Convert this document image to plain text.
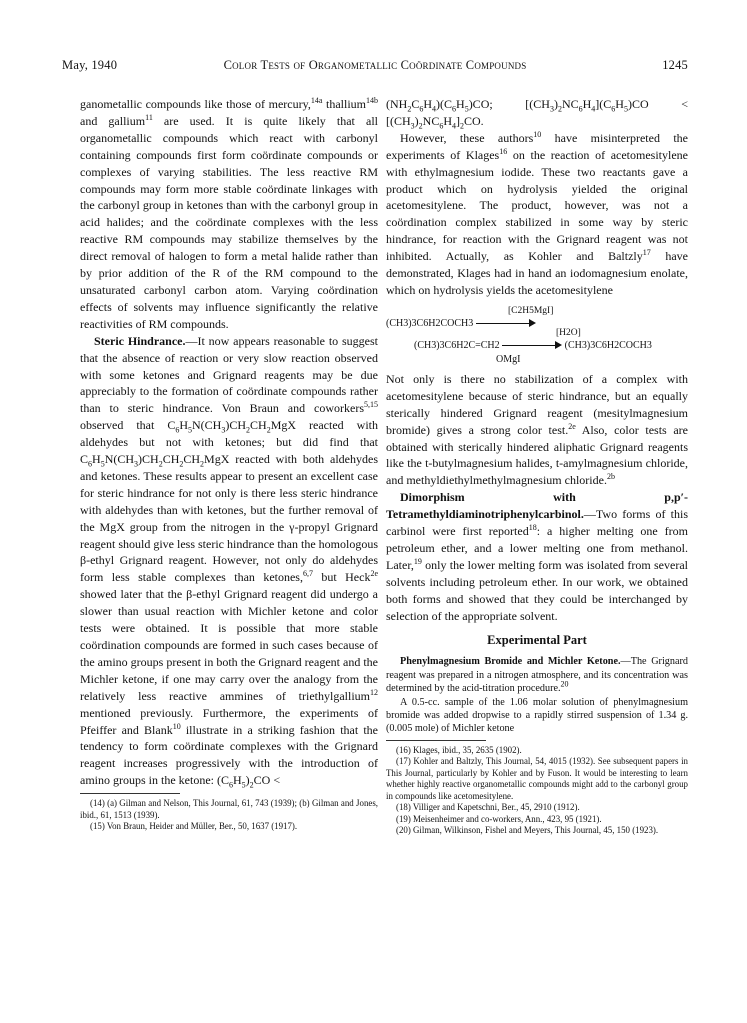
May, 1940	Color Tests of Organometallic Coördinate Compounds	1245

ganometallic compounds like those of mercury,$^{14a}$ thallium$^{14b}$ and gallium$^{11}$ are used. It is quite likely that all organometallic compounds which react with carbonyl containing compounds first form coördinate compounds or complexes of varying stabilities. The less reactive RM compounds may form more stable coördinate linkages with the carbonyl group in ketones than with the carbonyl group in acid halides; and the coördinate complexes with the less reactive RM compounds may stabilize themselves by the direct removal of halogen to form a metal halide rather than by prior addition of the R of the RM compound to the unsaturated carbonyl carbon atom. Varying coördination effects of solvents may influence significantly the relative reactivities of RM compounds.

Steric Hindrance.—It now appears reasonable to suggest that the absence of reaction or very slow reaction observed with some ketones and Grignard reagents may be due appreciably to the formation of coördinate compounds rather than to steric hindrance. Von Braun and coworkers$^{5,15}$ observed that $C_6H_5N(CH_3)CH_2CH_2MgX$ reacted with aldehydes but not with ketones; but did find that $C_6H_5N(CH_3)CH_2CH_2CH_2MgX$ reacted with both aldehydes and ketones. These results appear to present an excellent case for steric hindrance for not only is there less steric hindrance with aldehydes than with ketones, but the further removal of the MgX group from the nitrogen in the γ-propyl Grignard reagent should give less steric hindrance than the homologous β-ethyl Grignard reagent. However, not only do aldehydes form less stable complexes than ketones,$^{6,7}$ but Heck$^{2e}$ showed later that the β-ethyl Grignard reagent did undergo a slower than usual reaction with Michler ketone and color tests were obtained. It is possible that more stable coördination compounds are formed in such cases because of the amino groups present in both the Grignard reagent and the Michler ketone, if one may carry over the analogy from the relatively less reactive ammines of triethylgallium$^{12}$ mentioned previously. Furthermore, the experiments of Pfeiffer and Blank$^{10}$ illustrate in a striking fashion that the tendency to form coördinate complexes with the Grignard reagent increases progressively with the introduction of amino groups in the ketone: $(C_6H_5)_2CO$ <

(14) (a) Gilman and Nelson, This Journal, 61, 743 (1939); (b) Gilman and Jones, ibid., 61, 1513 (1939).

(15) Von Braun, Heider and Müller, Ber., 50, 1637 (1917).

$(NH_2C_6H_4)(C_6H_5)CO$; $[(CH_3)_2NC_6H_4](C_6H_5)CO < [(CH_3)_2NC_6H_4]_2CO$.

However, these authors$^{10}$ have misinterpreted the experiments of Klages$^{16}$ on the reaction of acetomesitylene with ethylmagnesium iodide. These two reactants gave a product which on hydrolysis yielded the original acetomesitylene. The product, however, was not a coördination complex stabilized in some way by steric hindrance, for reaction with the Grignard reagent was not inhibited. Actually, as Kohler and Baltzly$^{17}$ have demonstrated, Klages had in hand an iodomagnesium enolate, which on hydrolysis yields the acetomesitylene

(CH3)3C6H2COCH3
[C2H5MgI]
(CH3)3C6H2C=CH2	(CH3)3C6H2COCH3
[H2O]
OMgI

Not only is there no stabilization of a complex with acetomesitylene because of steric hindrance, but an equally sterically hindered Grignard reagent (mesitylmagnesium bromide) gives a strong color test.$^{2e}$ Also, color tests are obtained with sterically hindered aliphatic Grignard reagents like the t-butylmagnesium halides, t-amylmagnesium chloride, and methyldiethylmethylmagnesium chloride.$^{2b}$

Dimorphism with p,p′-Tetramethyldiaminotriphenylcarbinol.—Two forms of this carbinol were first reported$^{18}$: a higher melting one from petroleum ether, and a lower melting one from methanol. Later,$^{19}$ only the lower melting form was isolated from several solvents including petroleum ether. In our work, we obtained both forms and showed that they could be interchanged by selection of the appropriate solvent.

Experimental Part

Phenylmagnesium Bromide and Michler Ketone.—The Grignard reagent was prepared in a nitrogen atmosphere, and its concentration was determined by the acid-titration procedure.$^{20}$

A 0.5-cc. sample of the 1.06 molar solution of phenylmagnesium bromide was added dropwise to a rapidly stirred suspension of 1.34 g. (0.005 mole) of Michler ketone

(16) Klages, ibid., 35, 2635 (1902).

(17) Kohler and Baltzly, This Journal, 54, 4015 (1932). See subsequent papers in This Journal, particularly by Kohler and by Fuson. It would be interesting to learn whether highly reactive organometallic compounds might add to the carbonyl group in compounds like acetomesitylene.

(18) Villiger and Kapetschni, Ber., 45, 2910 (1912).

(19) Meisenheimer and co-workers, Ann., 423, 95 (1921).

(20) Gilman, Wilkinson, Fishel and Meyers, This Journal, 45, 150 (1923).
